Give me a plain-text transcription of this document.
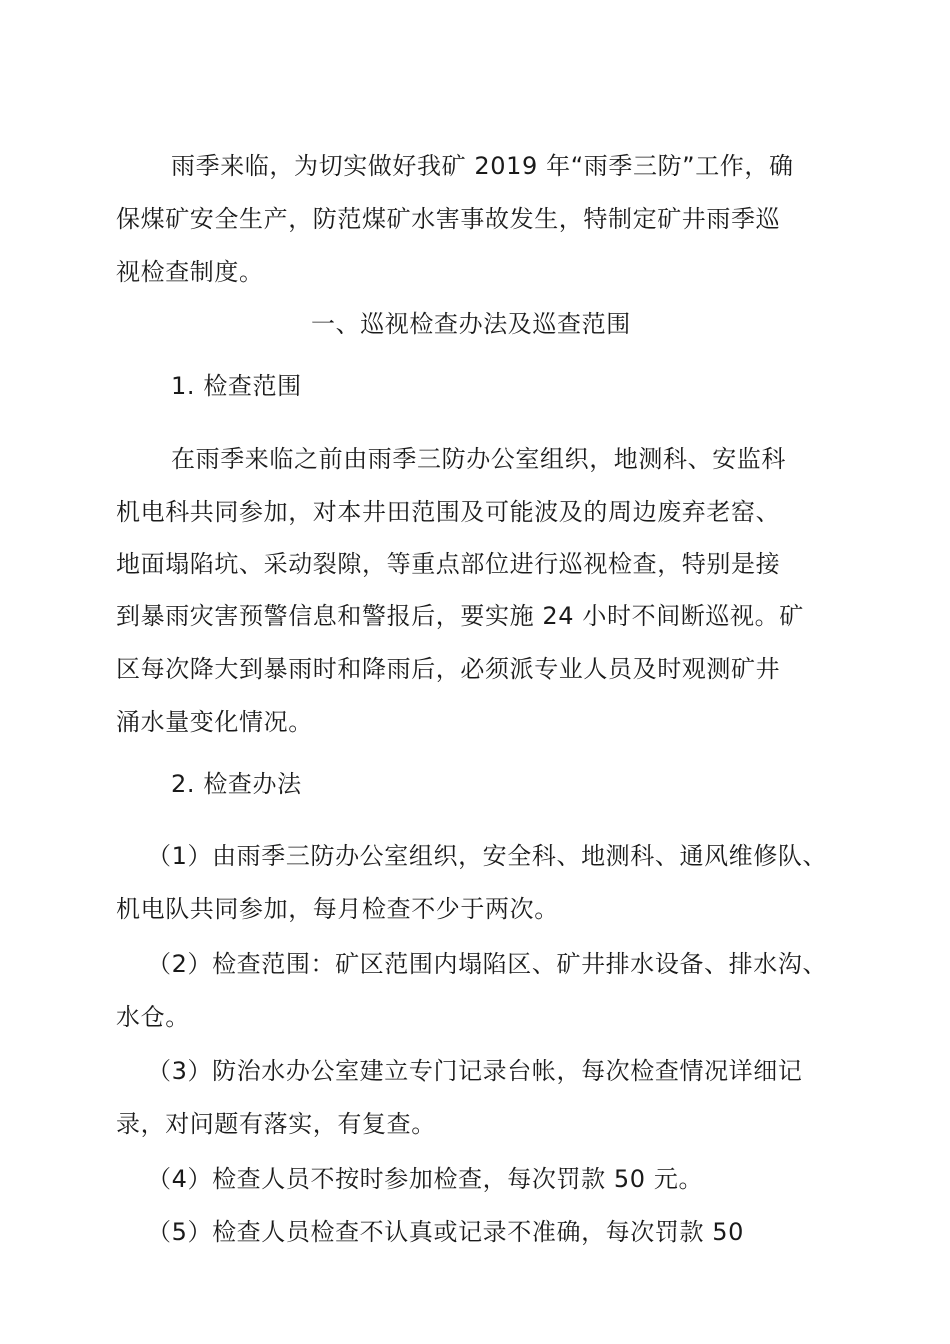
雨季来临，为切实做好我矿 2019 年“雨季三防”工作，确
保煤矿安全生产，防范煤矿水害事故发生，特制定矿井雨季巡
视检查制度。
一、巡视检查办法及巡查范围
1. 检查范围
在雨季来临之前由雨季三防办公室组织，地测科、安监科
机电科共同参加，对本井田范围及可能波及的周边废弃老窑、
地面塌陷坑、采动裂隙，等重点部位进行巡视检查，特别是接
到暴雨灾害预警信息和警报后，要实施 24 小时不间断巡视。矿
区每次降大到暴雨时和降雨后，必须派专业人员及时观测矿井
涌水量变化情况。
2. 检查办法
（1）由雨季三防办公室组织，安全科、地测科、通风维修队、
机电队共同参加，每月检查不少于两次。
（2）检查范围：矿区范围内塌陷区、矿井排水设备、排水沟、
水仓。
（3）防治水办公室建立专门记录台帐，每次检查情况详细记
录，对问题有落实，有复查。
（4）检查人员不按时参加检查，每次罚款 50 元。
（5）检查人员检查不认真或记录不准确，每次罚款 50
